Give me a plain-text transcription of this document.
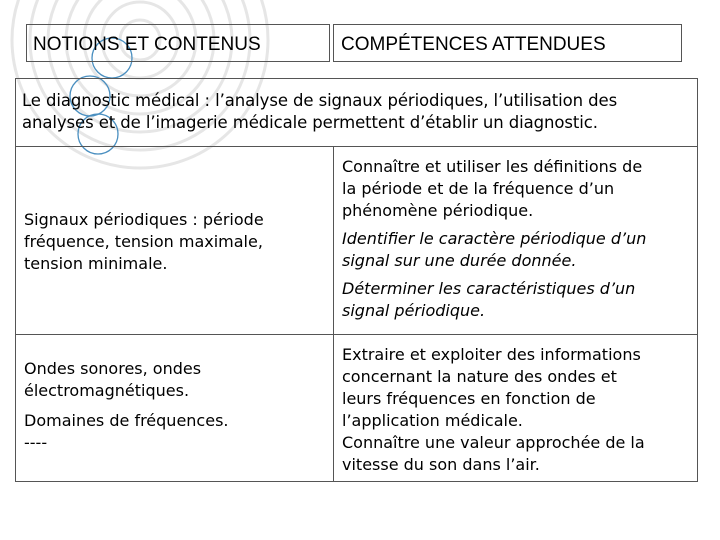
NOTIONS ET CONTENUS	COMPÉTENCES ATTENDUES
Le diagnostic médical : l’analyse de signaux périodiques, l’utilisation des
analyses et de l’imagerie médicale permettent d’établir un diagnostic.
Signaux périodiques : période
fréquence, tension maximale,
tension minimale.
Connaître et utiliser les définitions de
la période et de la fréquence d’un
phénomène périodique.
Identifier le caractère périodique d’un
signal sur une durée donnée.
Déterminer les caractéristiques d’un
signal périodique.
Ondes sonores, ondes
électromagnétiques.
Domaines de fréquences.
----
Extraire et exploiter des informations
concernant la nature des ondes et
leurs fréquences en fonction de
l’application médicale.
Connaître une valeur approchée de la
vitesse du son dans l’air.
